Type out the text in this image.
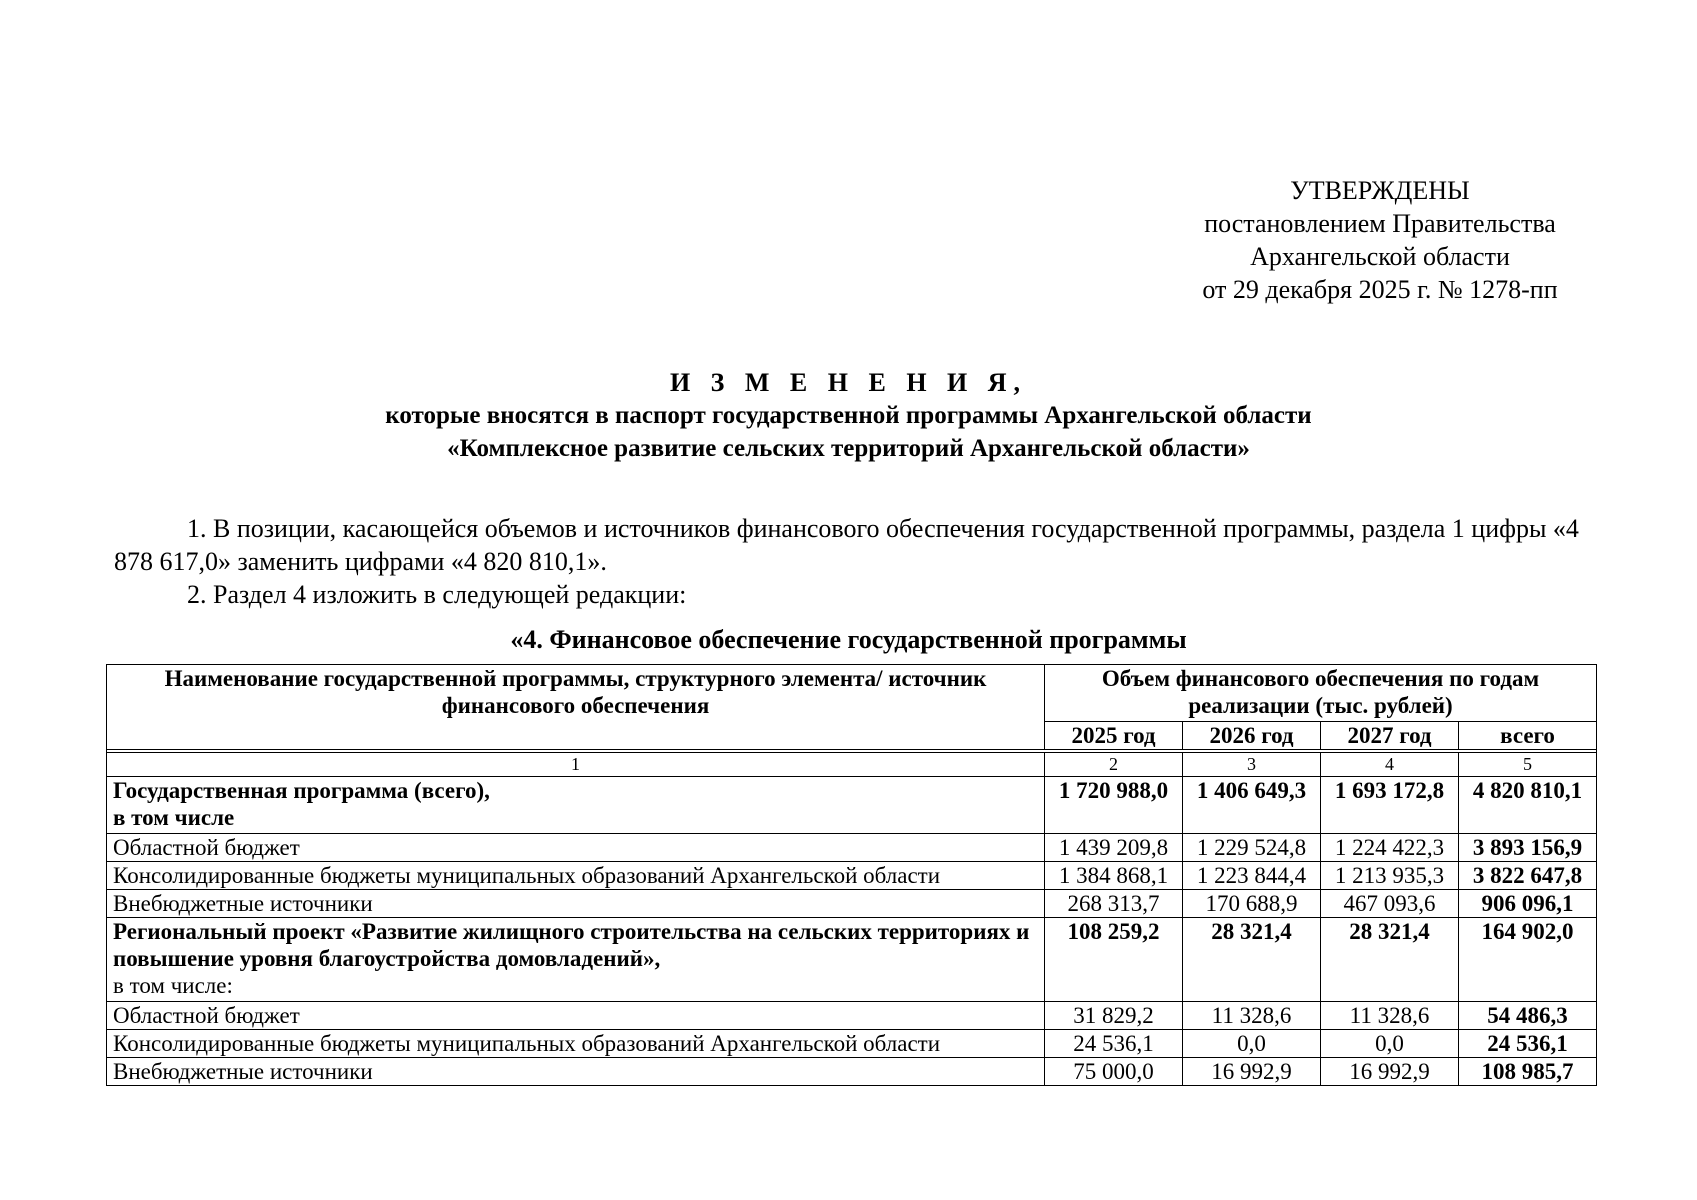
УТВЕРЖДЕНЫ
постановлением Правительства
Архангельской области
от 29 декабря 2025 г. № 1278-пп
И З М Е Н Е Н И Я,
которые вносятся в паспорт государственной программы Архангельской области
«Комплексное развитие сельских территорий Архангельской области»

1. В позиции, касающейся объемов и источников финансового обеспечения государственной программы, раздела 1 цифры «4 878 617,0» заменить цифрами «4 820 810,1».

2. Раздел 4 изложить в следующей редакции:

«4. Финансовое обеспечение государственной программы
Наименование государственной программы, структурного элемента/ источник финансового обеспечения	Объем финансового обеспечения по годам реализации (тыс. рублей)			
	2025 год	2026 год	2027 год	всего

1	2	3	4	5

Государственная программа (всего),
в том числе	1 720 988,0	1 406 649,3	1 693 172,8	4 820 810,1
Областной бюджет	1 439 209,8	1 229 524,8	1 224 422,3	3 893 156,9
Консолидированные бюджеты муниципальных образований Архангельской области	1 384 868,1	1 223 844,4	1 213 935,3	3 822 647,8
Внебюджетные источники	268 313,7	170 688,9	467 093,6	906 096,1

Региональный проект «Развитие жилищного строительства на сельских территориях и повышение уровня благоустройства домовладений»,
в том числе:	108 259,2	28 321,4	28 321,4	164 902,0
Областной бюджет	31 829,2	11 328,6	11 328,6	54 486,3
Консолидированные бюджеты муниципальных образований Архангельской области	24 536,1	0,0	0,0	24 536,1
Внебюджетные источники	75 000,0	16 992,9	16 992,9	108 985,7
